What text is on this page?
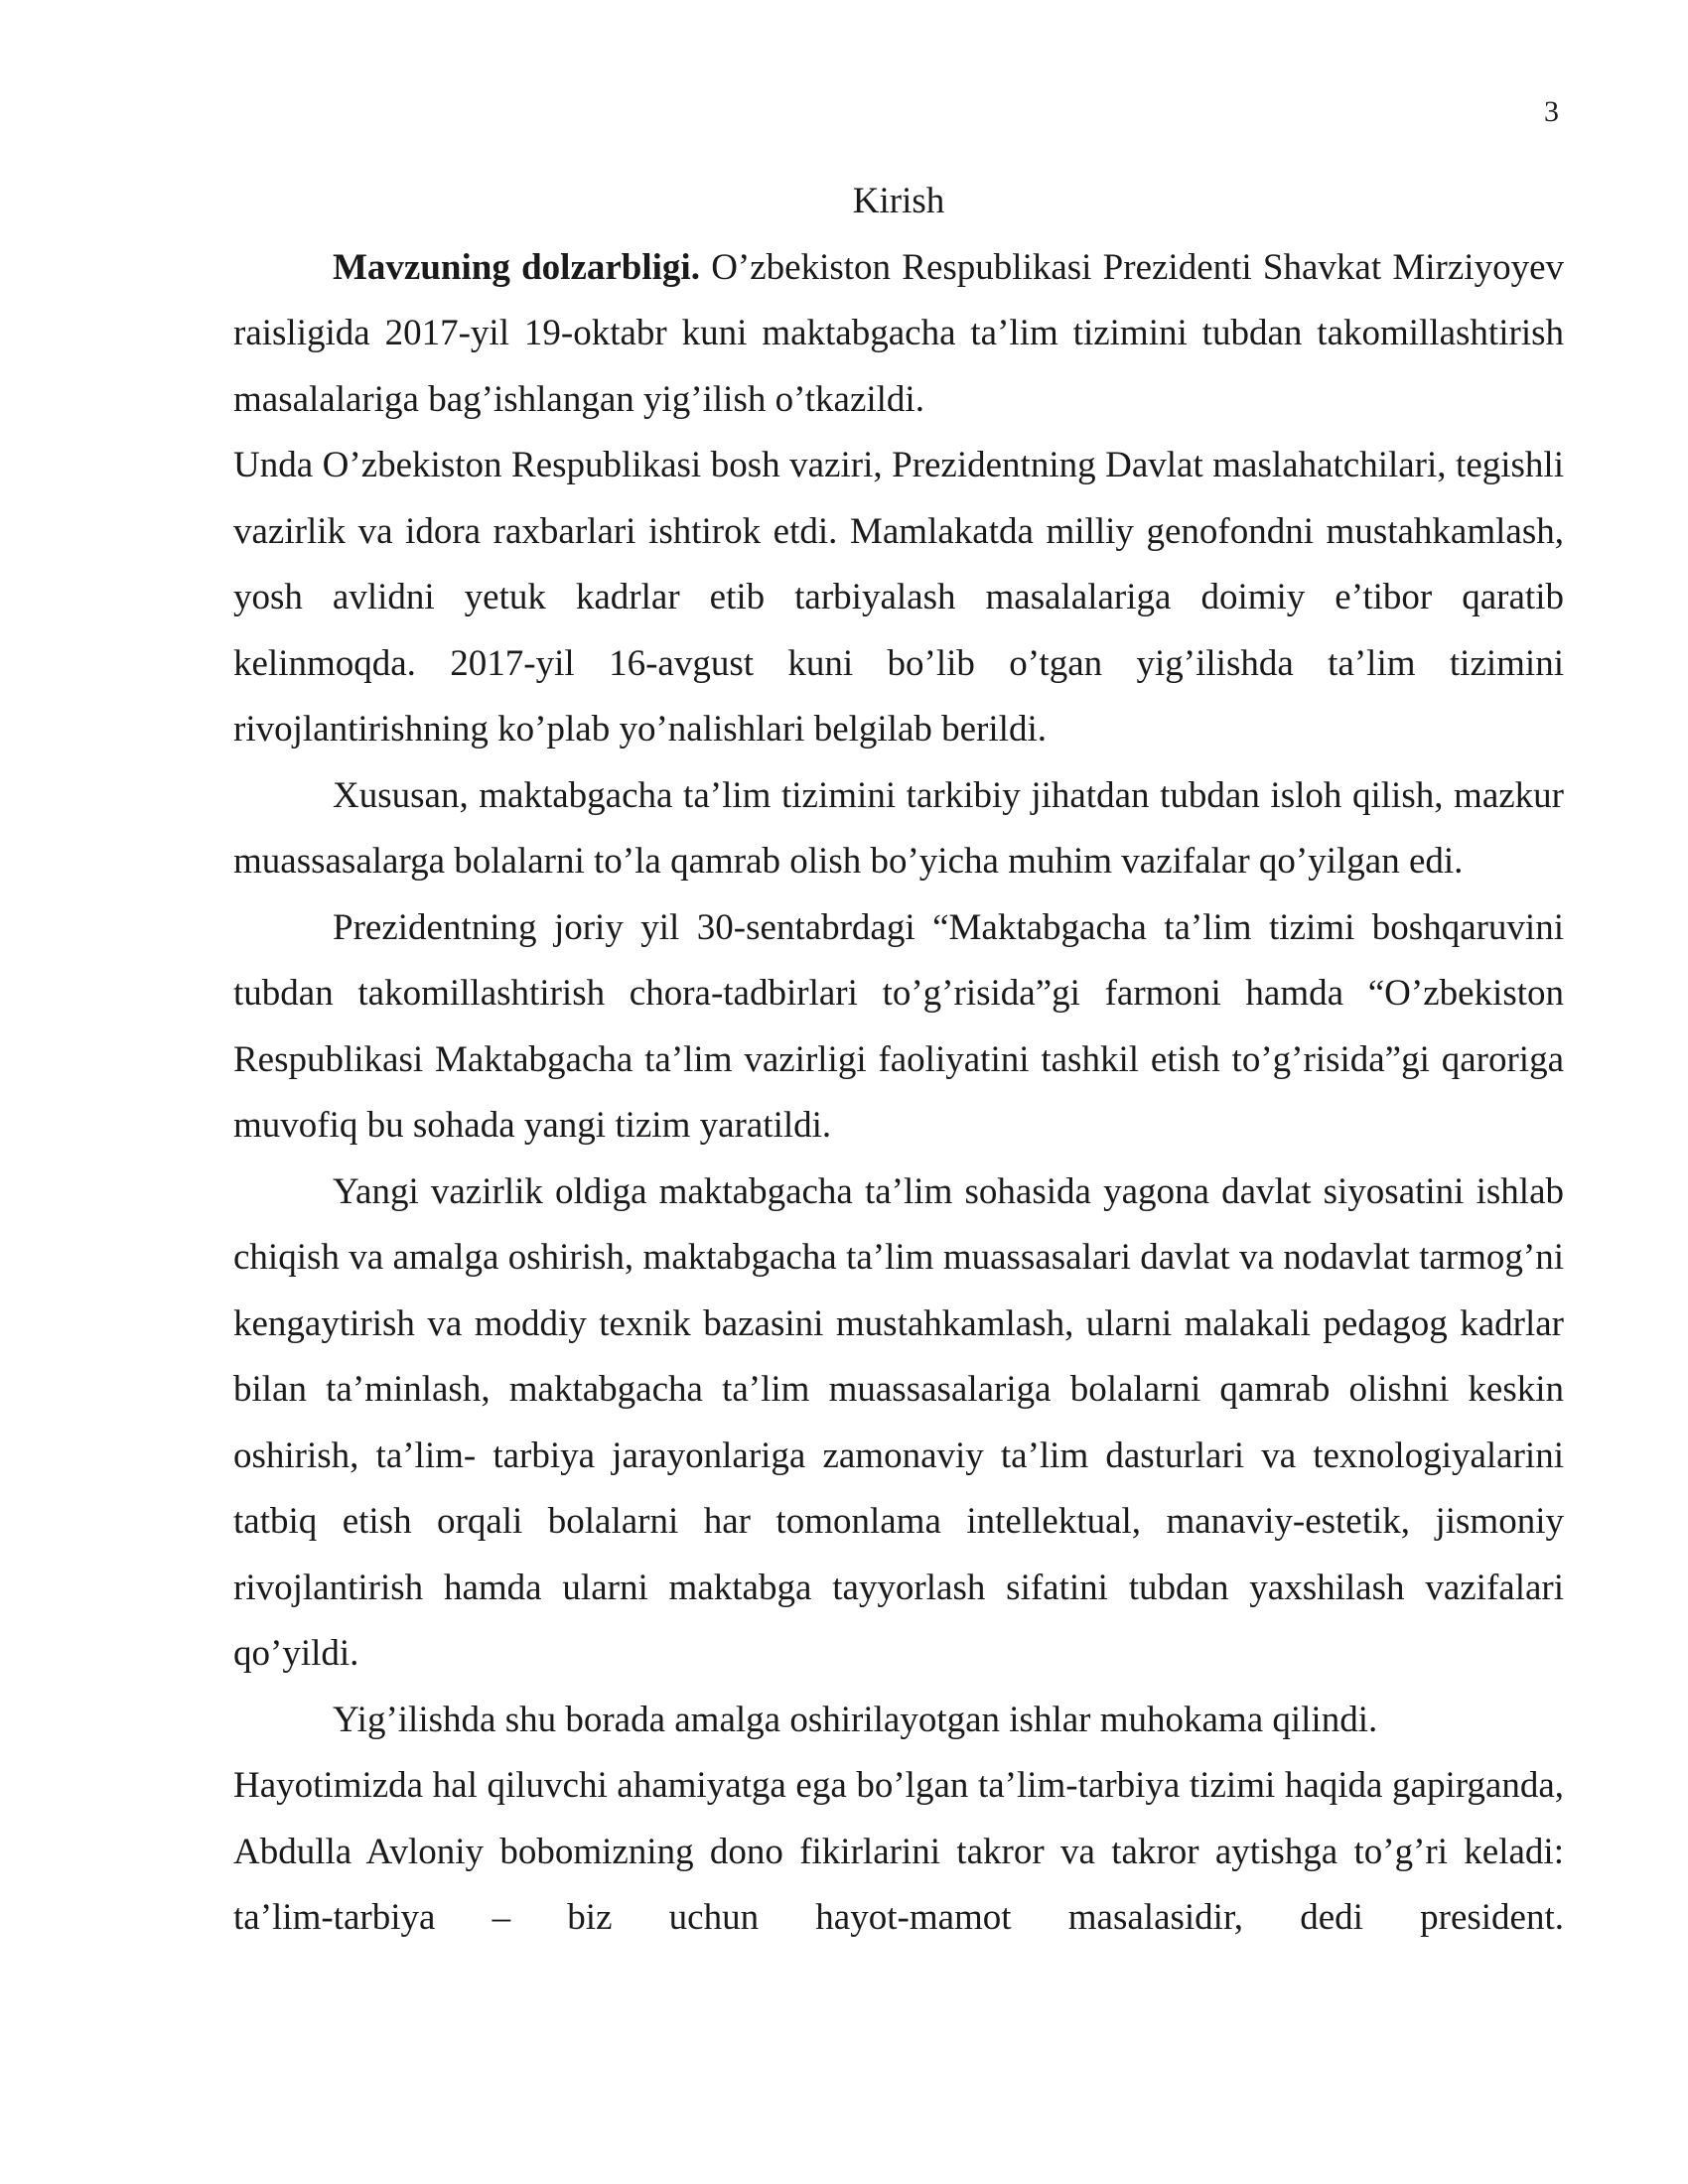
3
Kirish

Mavzuning dolzarbligi. O’zbekiston Respublikasi Prezidenti Shavkat Mirziyoyev raisligida 2017-yil 19-oktabr kuni maktabgacha ta’lim tizimini tubdan takomillashtirish masalalariga bag’ishlangan yig’ilish o’tkazildi.

Unda O’zbekiston Respublikasi bosh vaziri, Prezidentning Davlat maslahatchilari, tegishli vazirlik va idora raxbarlari ishtirok etdi. Mamlakatda milliy genofondni mustahkamlash, yosh avlidni yetuk kadrlar etib tarbiyalash masalalariga doimiy e’tibor qaratib kelinmoqda. 2017-yil 16-avgust kuni bo’lib o’tgan yig’ilishda ta’lim tizimini rivojlantirishning ko’plab yo’nalishlari belgilab berildi.

Xususan, maktabgacha ta’lim tizimini tarkibiy jihatdan tubdan isloh qilish, mazkur muassasalarga bolalarni to’la qamrab olish bo’yicha muhim vazifalar qo’yilgan edi.

Prezidentning joriy yil 30-sentabrdagi “Maktabgacha ta’lim tizimi boshqaruvini tubdan takomillashtirish chora-tadbirlari to’g’risida”gi farmoni hamda “O’zbekiston Respublikasi Maktabgacha ta’lim vazirligi faoliyatini tashkil etish to’g’risida”gi qaroriga muvofiq bu sohada yangi tizim yaratildi.

Yangi vazirlik oldiga maktabgacha ta’lim sohasida yagona davlat siyosatini ishlab chiqish va amalga oshirish, maktabgacha ta’lim muassasalari davlat va nodavlat tarmog’ni kengaytirish va moddiy texnik bazasini mustahkamlash, ularni malakali pedagog kadrlar bilan ta’minlash, maktabgacha ta’lim muassasalariga bolalarni qamrab olishni keskin oshirish, ta’lim- tarbiya jarayonlariga zamonaviy ta’lim dasturlari va texnologiyalarini tatbiq etish orqali bolalarni har tomonlama intellektual, manaviy-estetik, jismoniy rivojlantirish hamda ularni maktabga tayyorlash sifatini tubdan yaxshilash vazifalari qo’yildi.

Yig’ilishda shu borada amalga oshirilayotgan ishlar muhokama qilindi.

Hayotimizda hal qiluvchi ahamiyatga ega bo’lgan ta’lim-tarbiya tizimi haqida gapirganda, Abdulla Avloniy bobomizning dono fikirlarini takror va takror aytishga to’g’ri keladi: ta’lim-tarbiya – biz uchun hayot-mamot masalasidir, dedi president.
